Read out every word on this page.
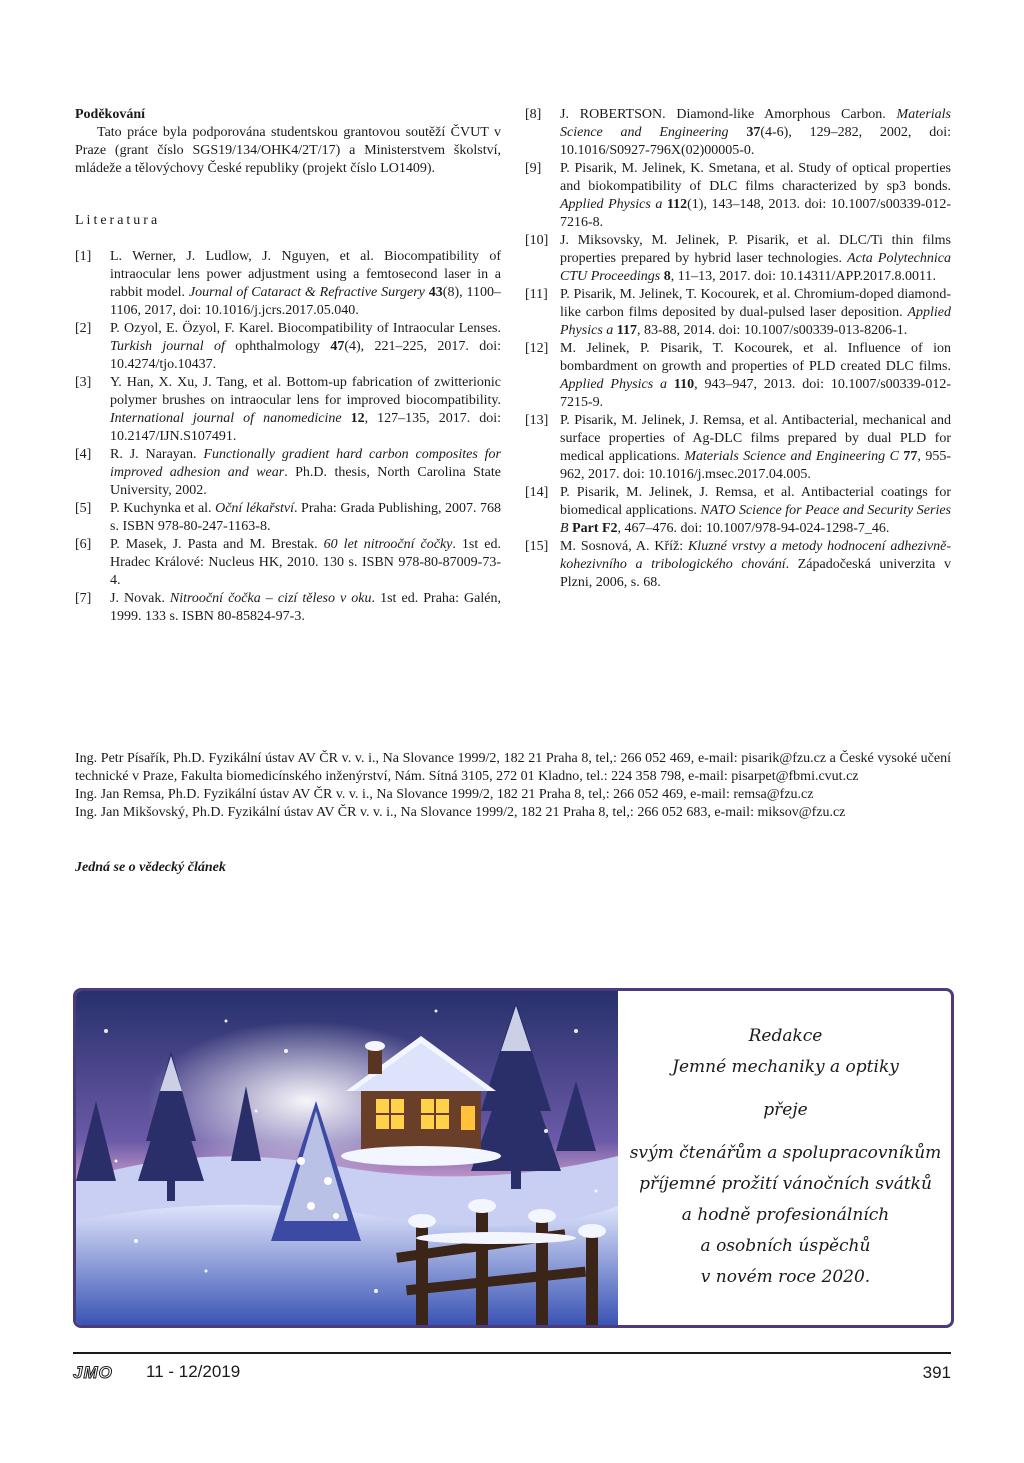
Poděkování

Tato práce byla podporována studentskou grantovou soutěží ČVUT v Praze (grant číslo SGS19/134/OHK4/2T/17) a Ministerstvem školství, mládeže a tělovýchovy České republiky (projekt číslo LO1409).

Literatura

[1]	L. Werner, J. Ludlow, J. Nguyen, et al. Biocompatibility of intraocular lens power adjustment using a femtosecond laser in a rabbit model. Journal of Cataract & Refractive Surgery 43(8), 1100–1106, 2017, doi: 10.1016/j.jcrs.2017.05.040.
[2]	P. Ozyol, E. Özyol, F. Karel. Biocompatibility of Intraocular Lenses. Turkish journal of ophthalmology 47(4), 221–225, 2017. doi: 10.4274/tjo.10437.
[3]	Y. Han, X. Xu, J. Tang, et al. Bottom-up fabrication of zwitterionic polymer brushes on intraocular lens for improved biocompatibility. International journal of nanomedicine 12, 127–135, 2017. doi: 10.2147/IJN.S107491.
[4]	R. J. Narayan. Functionally gradient hard carbon composites for improved adhesion and wear. Ph.D. thesis, North Carolina State University, 2002.
[5]	P. Kuchynka et al. Oční lékařství. Praha: Grada Publishing, 2007. 768 s. ISBN 978-80-247-1163-8.
[6]	P. Masek, J. Pasta and M. Brestak. 60 let nitrooční čočky. 1st ed. Hradec Králové: Nucleus HK, 2010. 130 s. ISBN 978-80-87009-73-4.
[7]	J. Novak. Nitrooční čočka – cizí těleso v oku. 1st ed. Praha: Galén, 1999. 133 s. ISBN 80-85824-97-3.
[8]	J. ROBERTSON. Diamond-like Amorphous Carbon. Materials Science and Engineering 37(4-6), 129–282, 2002, doi: 10.1016/S0927-796X(02)00005-0.
[9]	P. Pisarik, M. Jelinek, K. Smetana, et al. Study of optical properties and biokompatibility of DLC films characterized by sp3 bonds. Applied Physics a 112(1), 143–148, 2013. doi: 10.1007/s00339-012-7216-8.
[10] J. Miksovsky, M. Jelinek, P. Pisarik, et al. DLC/Ti thin films properties prepared by hybrid laser technologies. Acta Polytechnica CTU Proceedings 8, 11–13, 2017. doi: 10.14311/APP.2017.8.0011.
[11] P. Pisarik, M. Jelinek, T. Kocourek, et al. Chromium-doped diamond-like carbon films deposited by dual-pulsed laser deposition. Applied Physics a 117, 83-88, 2014. doi: 10.1007/s00339-013-8206-1.
[12] M. Jelinek, P. Pisarik, T. Kocourek, et al. Influence of ion bombardment on growth and properties of PLD created DLC films. Applied Physics a 110, 943–947, 2013. doi: 10.1007/s00339-012-7215-9.
[13] P. Pisarik, M. Jelinek, J. Remsa, et al. Antibacterial, mechanical and surface properties of Ag-DLC films prepared by dual PLD for medical applications. Materials Science and Engineering C 77, 955-962, 2017. doi: 10.1016/j.msec.2017.04.005.
[14] P. Pisarik, M. Jelinek, J. Remsa, et al. Antibacterial coatings for biomedical applications. NATO Science for Peace and Security Series B Part F2, 467–476. doi: 10.1007/978-94-024-1298-7_46.
[15] M. Sosnová, A. Kříž: Kluzné vrstvy a metody hodnocení adhezivně-kohezivního a tribologického chování. Západočeská univerzita v Plzni, 2006, s. 68.

Ing. Petr Písařík, Ph.D. Fyzikální ústav AV ČR v. v. i., Na Slovance 1999/2, 182 21 Praha 8, tel,: 266 052 469, e-mail: pisarik@fzu.cz a České vysoké učení technické v Praze, Fakulta biomedicínského inženýrství, Nám. Sítná 3105, 272 01 Kladno, tel.: 224 358 798, e-mail: pisarpet@fbmi.cvut.cz

Ing. Jan Remsa, Ph.D. Fyzikální ústav AV ČR v. v. i., Na Slovance 1999/2, 182 21 Praha 8, tel,: 266 052 469, e-mail: remsa@fzu.cz

Ing. Jan Mikšovský, Ph.D. Fyzikální ústav AV ČR v. v. i., Na Slovance 1999/2, 182 21 Praha 8, tel,: 266 052 683, e-mail: miksov@fzu.cz

Jedná se o vědecký článek
Redakce
Jemné mechaniky a optiky
přeje
svým čtenářům a spolupracovníkům
příjemné prožití vánočních svátků
a hodně profesionálních
a osobních úspěchů
v novém roce 2020.
JMO 11 - 12/2019	391
